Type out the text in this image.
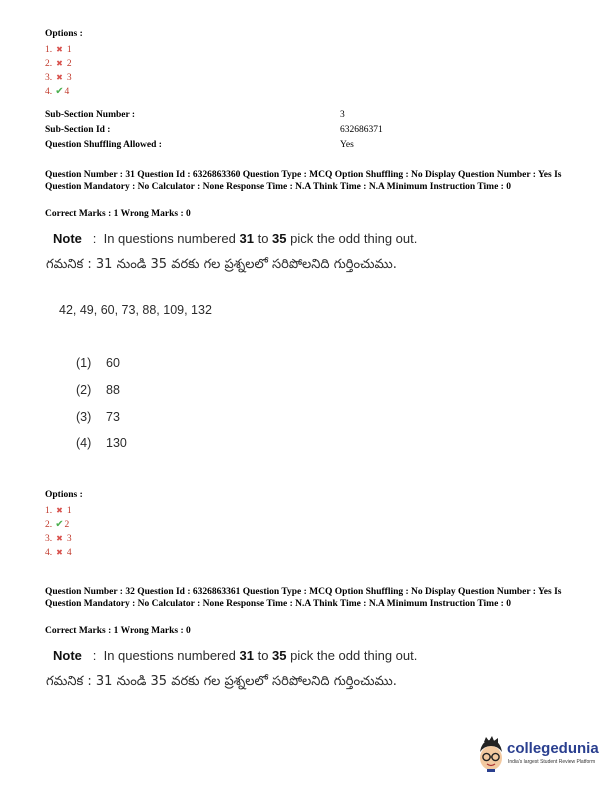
Options :
1. ✖ 1
2. ✖ 2
3. ✖ 3
4. ✔4
Sub-Section Number :	3
Sub-Section Id :	632686371
Question Shuffling Allowed :	Yes
Question Number : 31 Question Id : 6326863360 Question Type : MCQ Option Shuffling : No Display Question Number : Yes Is Question Mandatory : No Calculator : None Response Time : N.A Think Time : N.A Minimum Instruction Time : 0
Correct Marks : 1 Wrong Marks : 0
Note : In questions numbered 31 to 35 pick the odd thing out.
గమనిక : 31 నుండి 35 వరకు గల ప్రశ్నలలో సరిపోలనిది గుర్తించుము.
42, 49, 60, 73, 88, 109, 132
(1) 60
(2) 88
(3) 73
(4) 130
Options :
1. ✖ 1
2. ✔2
3. ✖ 3
4. ✖ 4
Question Number : 32 Question Id : 6326863361 Question Type : MCQ Option Shuffling : No Display Question Number : Yes Is Question Mandatory : No Calculator : None Response Time : N.A Think Time : N.A Minimum Instruction Time : 0
Correct Marks : 1 Wrong Marks : 0
Note : In questions numbered 31 to 35 pick the odd thing out.
గమనిక : 31 నుండి 35 వరకు గల ప్రశ్నలలో సరిపోలనిది గుర్తించుము.
collegedunia
India's largest Student Review Platform
